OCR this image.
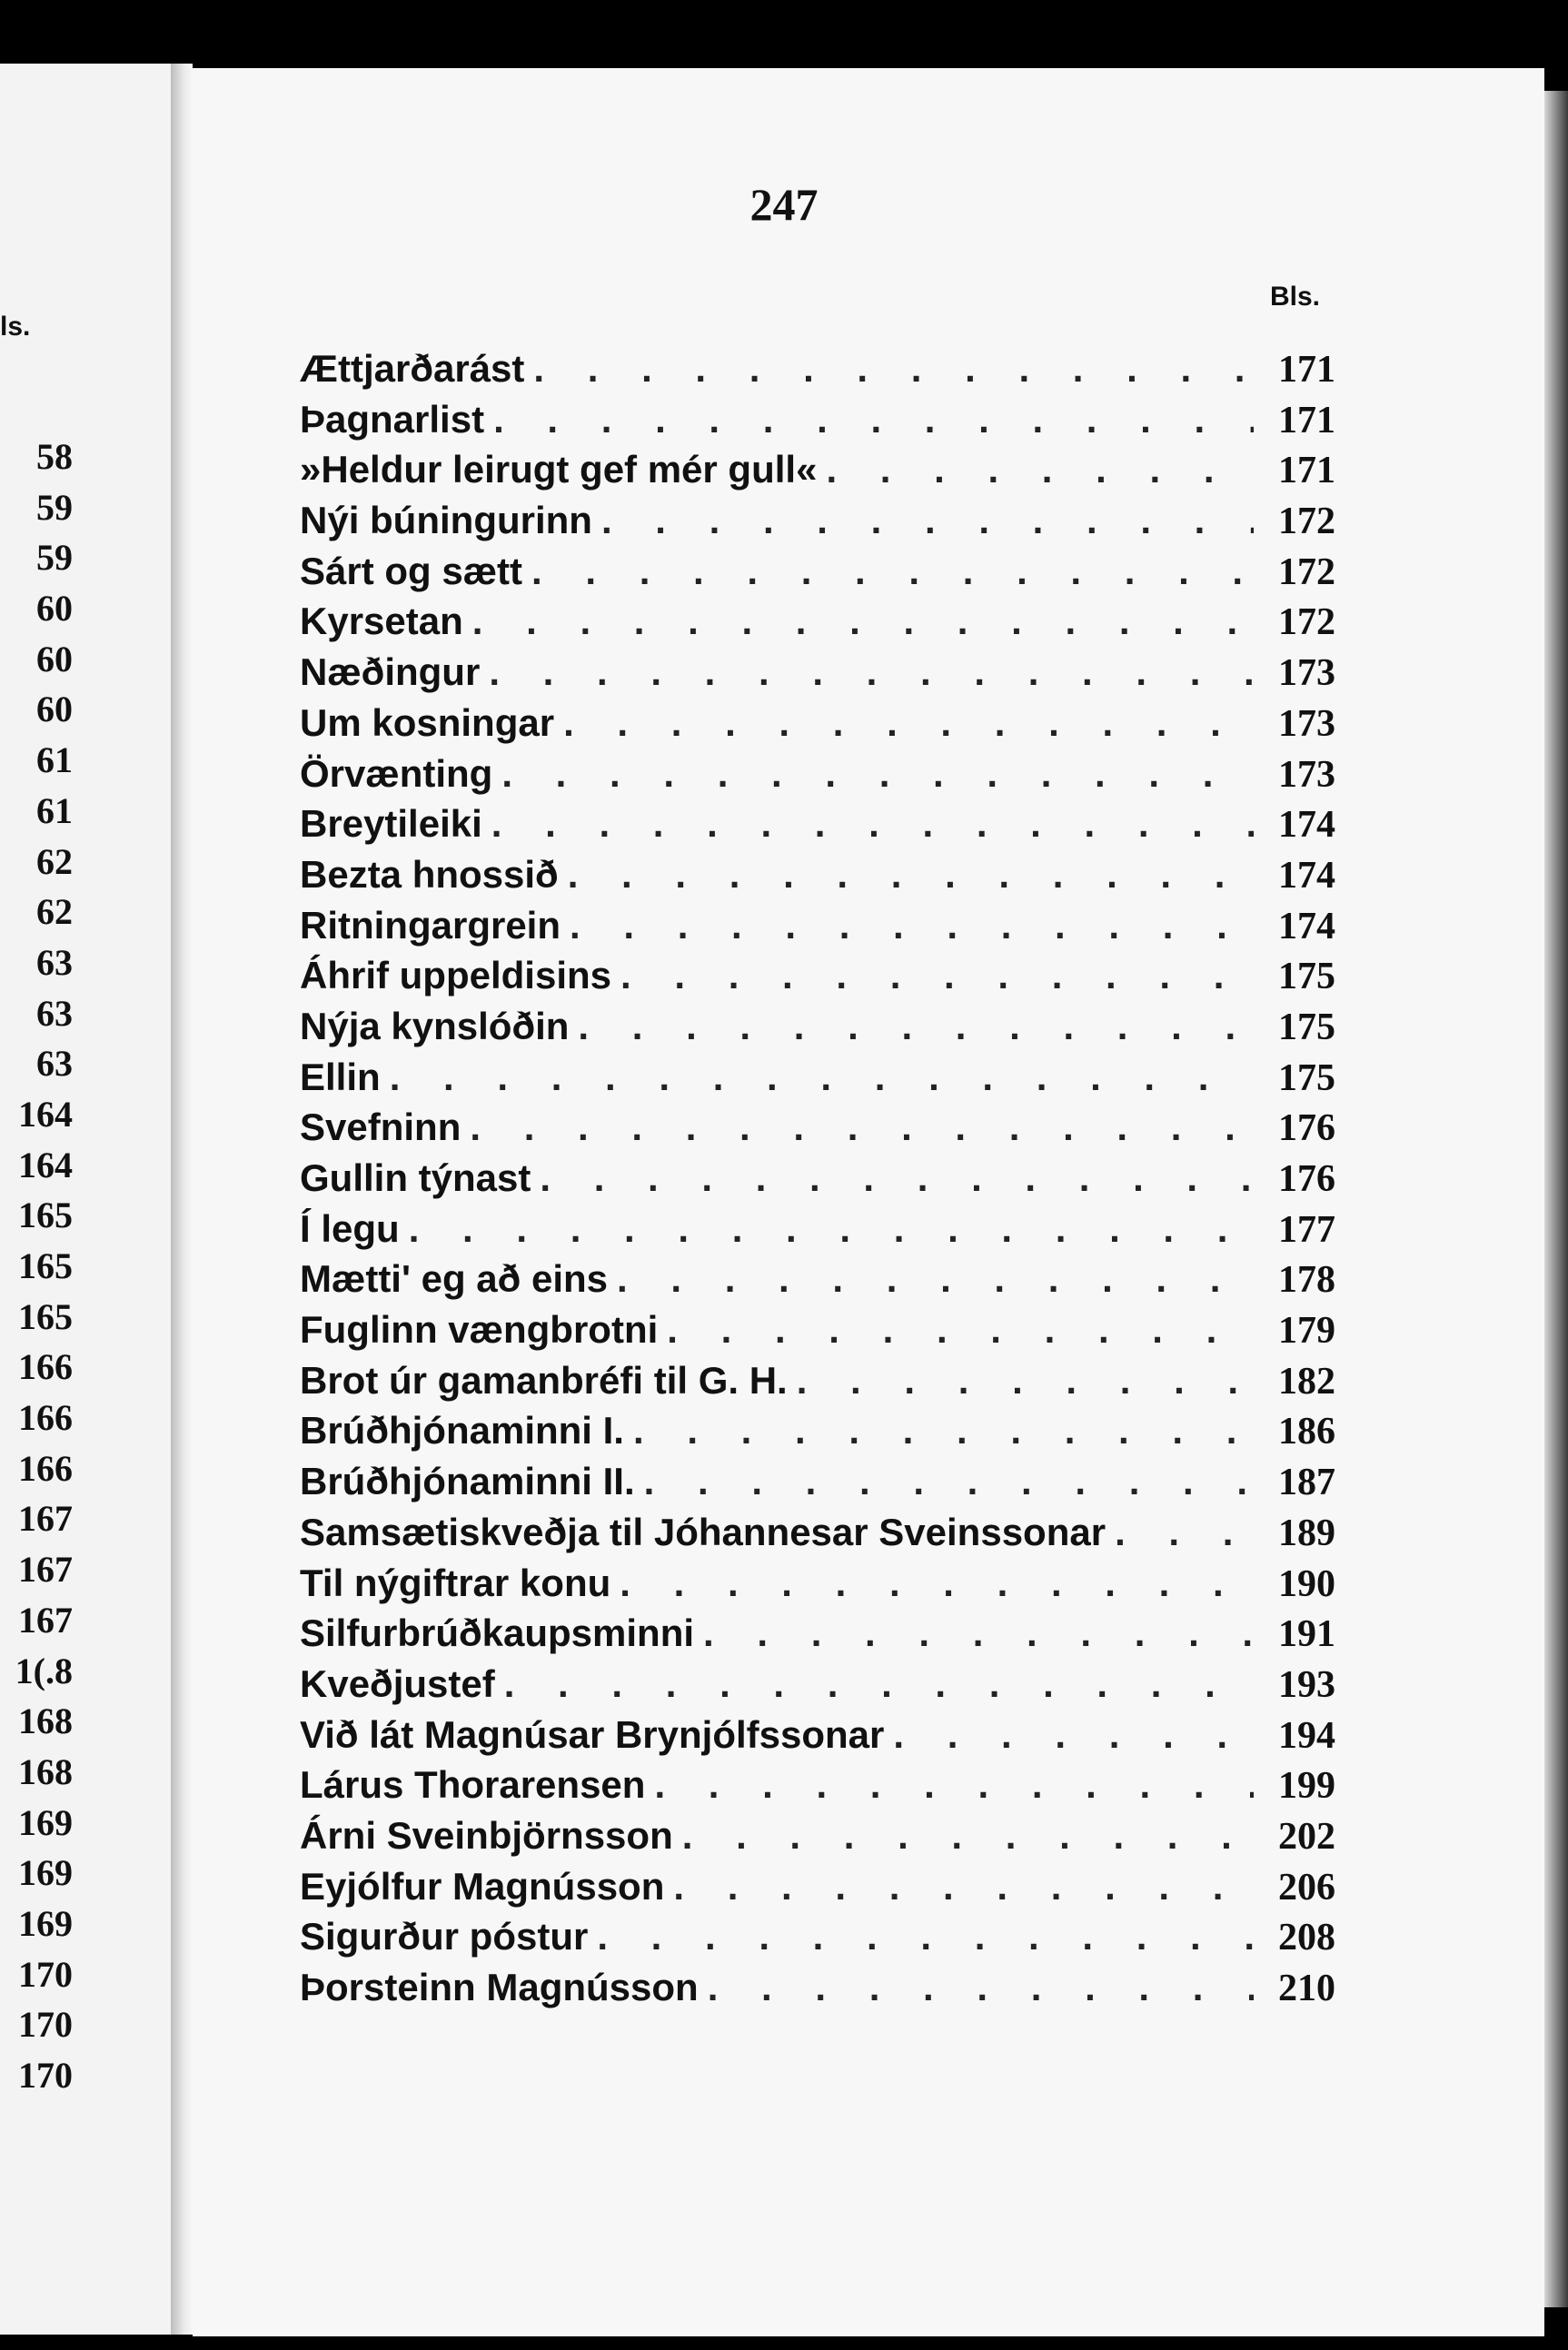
ls.
58
59
59
60
60
60
61
61
62
62
63
63
63
164
164
165
165
165
166
166
166
167
167
167
1(.8
168
168
169
169
169
170
170
170
247
Bls.
Ættjarðarást . . .	171
Þagnarlist . . .	171
»Heldur leirugt gef mér gull« . . .	171
Nýi búningurinn . . .	172
Sárt og sætt . . .	172
Kyrsetan . . .	172
Næðingur . . .	173
Um kosningar . . .	173
Örvænting . . .	173
Breytileiki . . .	174
Bezta hnossið . . .	174
Ritningargrein . . .	174
Áhrif uppeldisins . . .	175
Nýja kynslóðin . . .	175
Ellin . . .	175
Svefninn . . .	176
Gullin týnast . . .	176
Í legu . . .	177
Mætti' eg að eins . . .	178
Fuglinn vængbrotni . . .	179
Brot úr gamanbréfi til G. H. . . .	182
Brúðhjónaminni I. . . .	186
Brúðhjónaminni II. . . .	187
Samsætiskveðja til Jóhannesar Sveinssonar . . .	189
Til nýgiftrar konu . . .	190
Silfurbrúðkaupsminni . . .	191
Kveðjustef . . .	193
Við lát Magnúsar Brynjólfssonar . . .	194
Lárus Thorarensen . . .	199
Árni Sveinbjörnsson . . .	202
Eyjólfur Magnússon . . .	206
Sigurður póstur . . .	208
Þorsteinn Magnússon . . .	210
